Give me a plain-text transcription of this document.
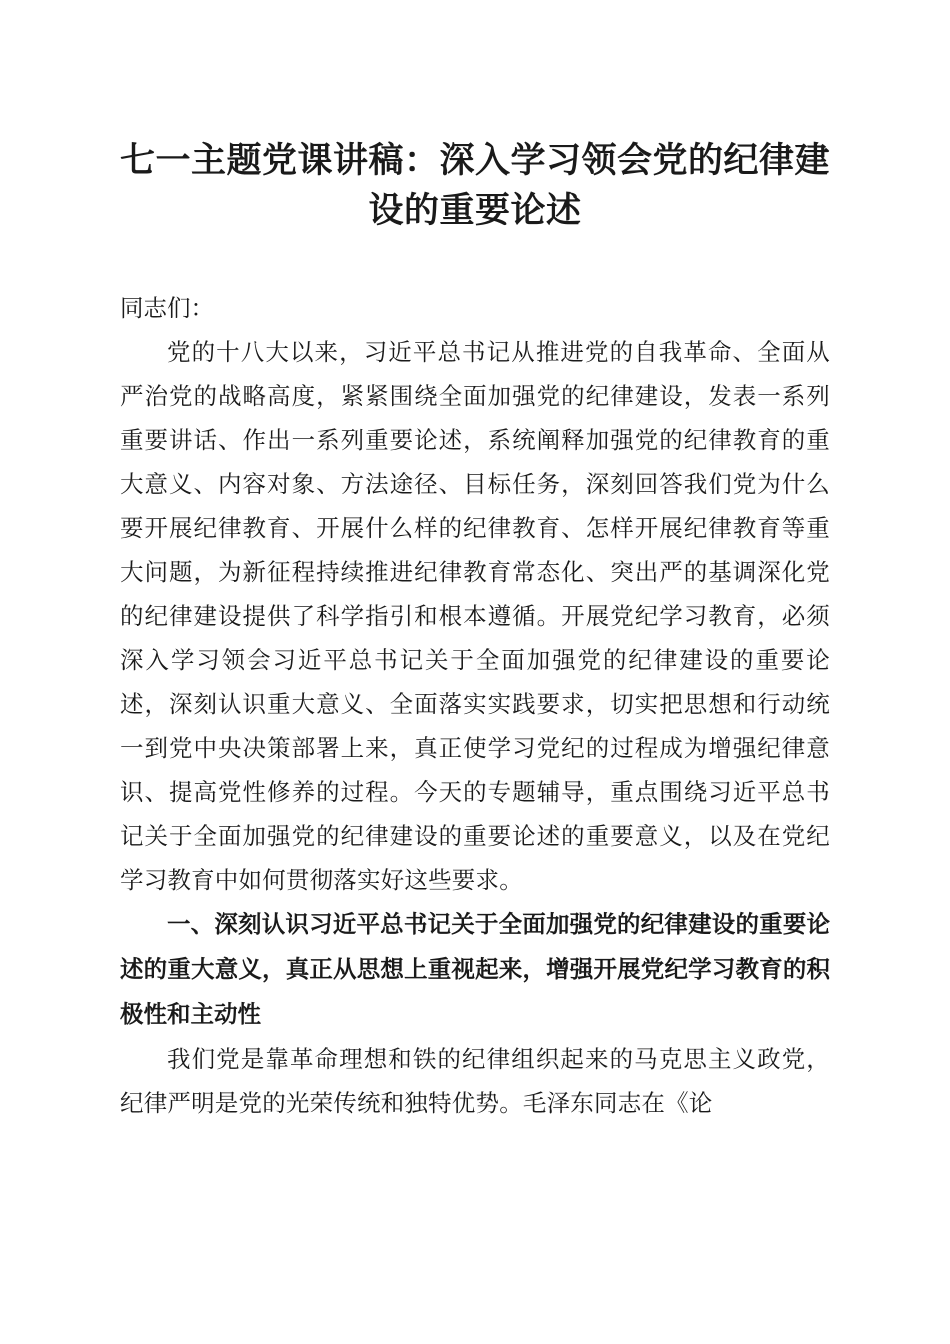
七一主题党课讲稿：深入学习领会党的纪律建
设的重要论述

同志们：

党的十八大以来，习近平总书记从推进党的自我革命、全面从严治党的战略高度，紧紧围绕全面加强党的纪律建设，发表一系列重要讲话、作出一系列重要论述，系统阐释加强党的纪律教育的重大意义、内容对象、方法途径、目标任务，深刻回答我们党为什么要开展纪律教育、开展什么样的纪律教育、怎样开展纪律教育等重大问题，为新征程持续推进纪律教育常态化、突出严的基调深化党的纪律建设提供了科学指引和根本遵循。开展党纪学习教育，必须深入学习领会习近平总书记关于全面加强党的纪律建设的重要论述，深刻认识重大意义、全面落实实践要求，切实把思想和行动统一到党中央决策部署上来，真正使学习党纪的过程成为增强纪律意识、提高党性修养的过程。今天的专题辅导，重点围绕习近平总书记关于全面加强党的纪律建设的重要论述的重要意义，以及在党纪学习教育中如何贯彻落实好这些要求。

一、深刻认识习近平总书记关于全面加强党的纪律建设的重要论述的重大意义，真正从思想上重视起来，增强开展党纪学习教育的积极性和主动性

我们党是靠革命理想和铁的纪律组织起来的马克思主义政党，纪律严明是党的光荣传统和独特优势。毛泽东同志在《论
